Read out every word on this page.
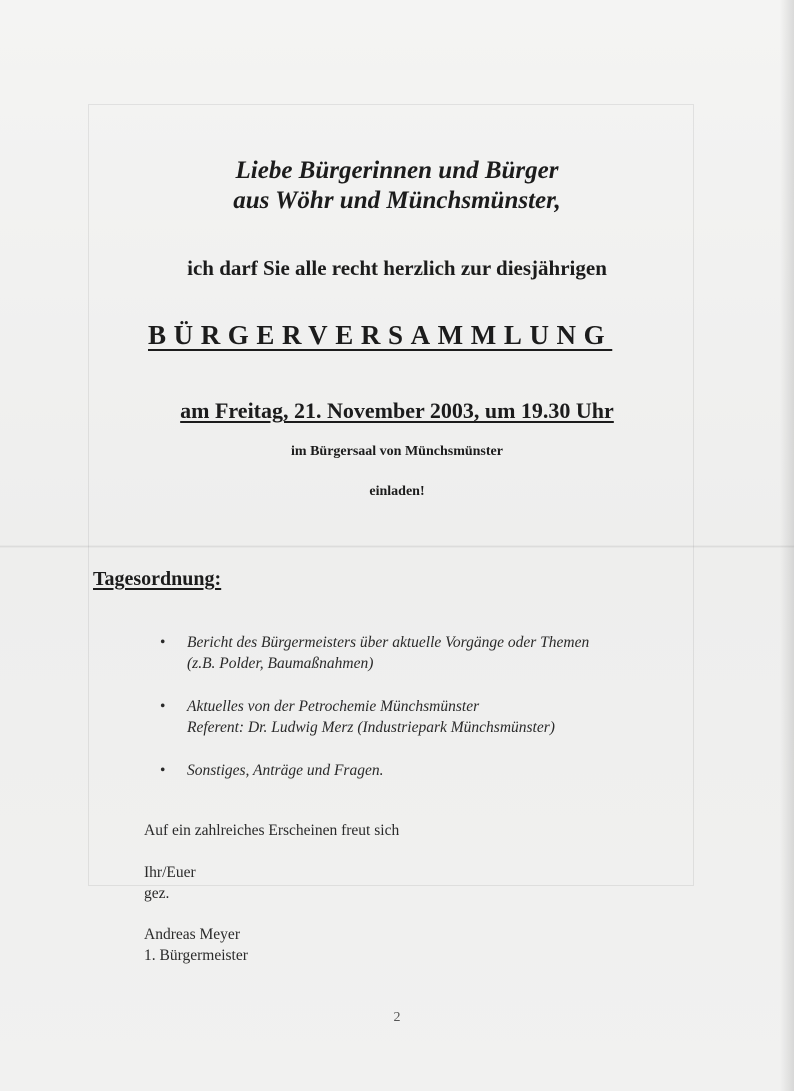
Liebe Bürgerinnen und Bürger
aus Wöhr und Münchsmünster,
ich darf Sie alle recht herzlich zur diesjährigen
BÜRGERVERSAMMLUNG
am Freitag, 21. November 2003, um 19.30 Uhr
im Bürgersaal von Münchsmünster
einladen!
Tagesordnung:
• Bericht des Bürgermeisters über aktuelle Vorgänge oder Themen
(z.B. Polder, Baumaßnahmen)
• Aktuelles von der Petrochemie Münchsmünster
Referent: Dr. Ludwig Merz (Industriepark Münchsmünster)
• Sonstiges, Anträge und Fragen.
Auf ein zahlreiches Erscheinen freut sich
Ihr/Euer
gez.
Andreas Meyer
1. Bürgermeister
2
